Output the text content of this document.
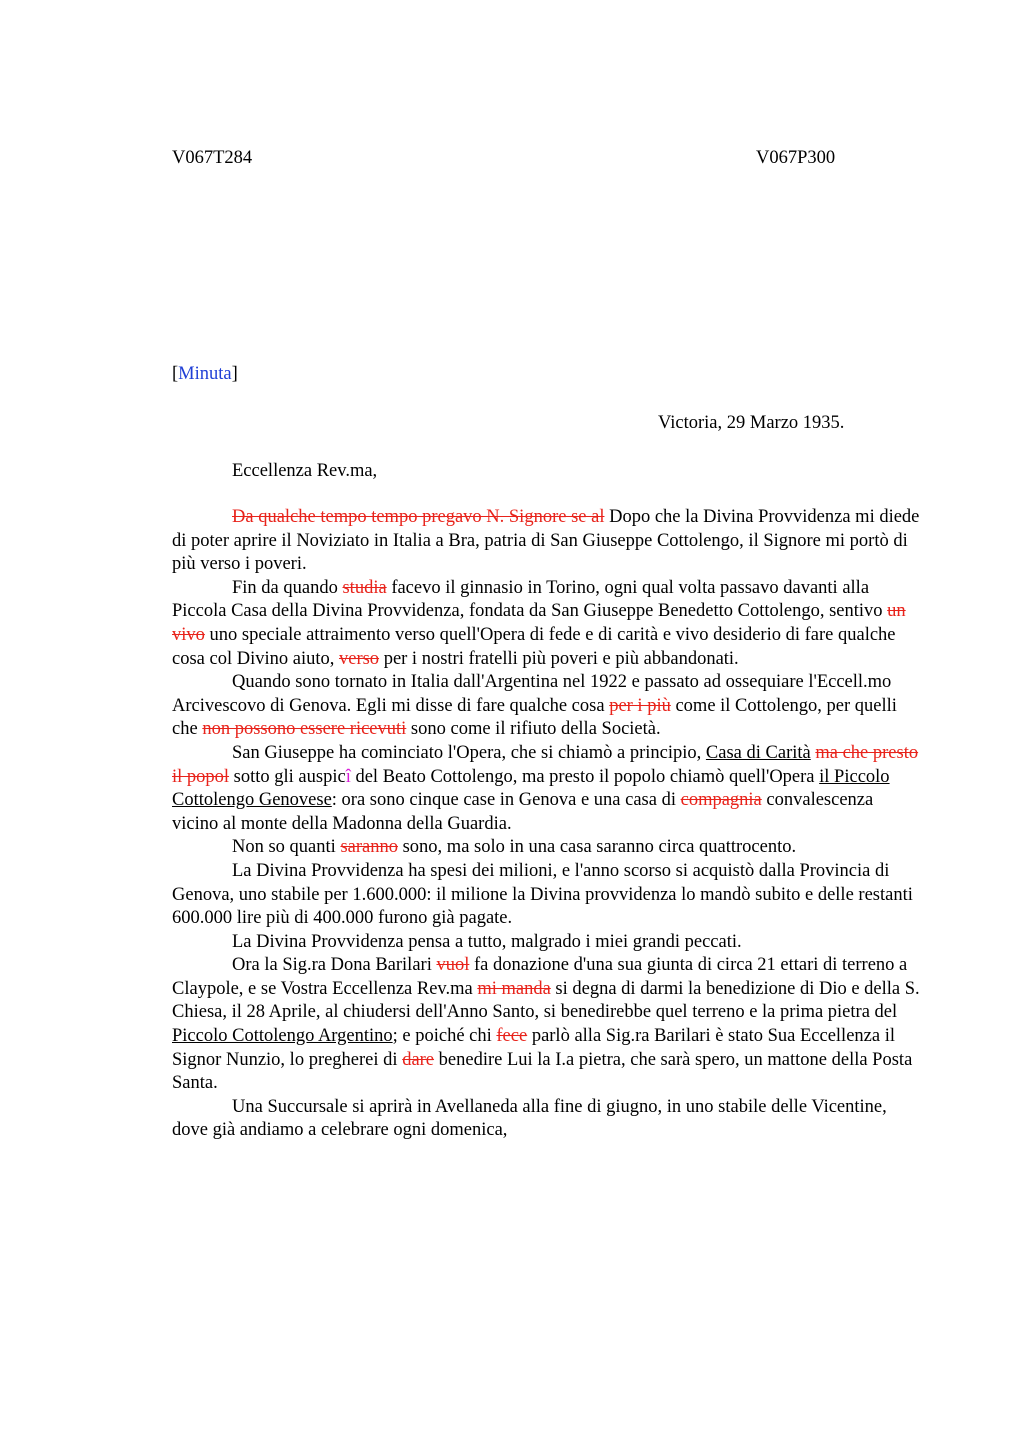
V067T284	V067P300
[Minuta]
Victoria, 29 Marzo 1935.
Eccellenza Rev.ma,

Da qualche tempo tempo pregavo N. Signore se al Dopo che la Divina Provvidenza mi diede di poter aprire il Noviziato in Italia a Bra, patria di San Giuseppe Cottolengo, il Signore mi portò di più verso i poveri.

Fin da quando studia facevo il ginnasio in Torino, ogni qual volta passavo davanti alla Piccola Casa della Divina Provvidenza, fondata da San Giuseppe Benedetto Cottolengo, sentivo un vivo uno speciale attraimento verso quell'Opera di fede e di carità e vivo desiderio di fare qualche cosa col Divino aiuto, verso per i nostri fratelli più poveri e più abbandonati.

Quando sono tornato in Italia dall'Argentina nel 1922 e passato ad ossequiare l'Eccell.mo Arcivescovo di Genova. Egli mi disse di fare qualche cosa per i più come il Cottolengo, per quelli che non possono essere ricevuti sono come il rifiuto della Società.

San Giuseppe ha cominciato l'Opera, che si chiamò a principio, Casa di Carità ma che presto il popol sotto gli auspicî del Beato Cottolengo, ma presto il popolo chiamò quell'Opera il Piccolo Cottolengo Genovese: ora sono cinque case in Genova e una casa di compagnia convalescenza vicino al monte della Madonna della Guardia.

Non so quanti saranno sono, ma solo in una casa saranno circa quattrocento.

La Divina Provvidenza ha spesi dei milioni, e l'anno scorso si acquistò dalla Provincia di Genova, uno stabile per 1.600.000: il milione la Divina provvidenza lo mandò subito e delle restanti 600.000 lire più di 400.000 furono già pagate.

La Divina Provvidenza pensa a tutto, malgrado i miei grandi peccati.

Ora la Sig.ra Dona Barilari vuol fa donazione d'una sua giunta di circa 21 ettari di terreno a Claypole, e se Vostra Eccellenza Rev.ma mi manda si degna di darmi la benedizione di Dio e della S. Chiesa, il 28 Aprile, al chiudersi dell'Anno Santo, si benedirebbe quel terreno e la prima pietra del Piccolo Cottolengo Argentino; e poiché chi fece parlò alla Sig.ra Barilari è stato Sua Eccellenza il Signor Nunzio, lo pregherei di dare benedire Lui la I.a pietra, che sarà spero, un mattone della Posta Santa.

Una Succursale si aprirà in Avellaneda alla fine di giugno, in uno stabile delle Vicentine, dove già andiamo a celebrare ogni domenica,
